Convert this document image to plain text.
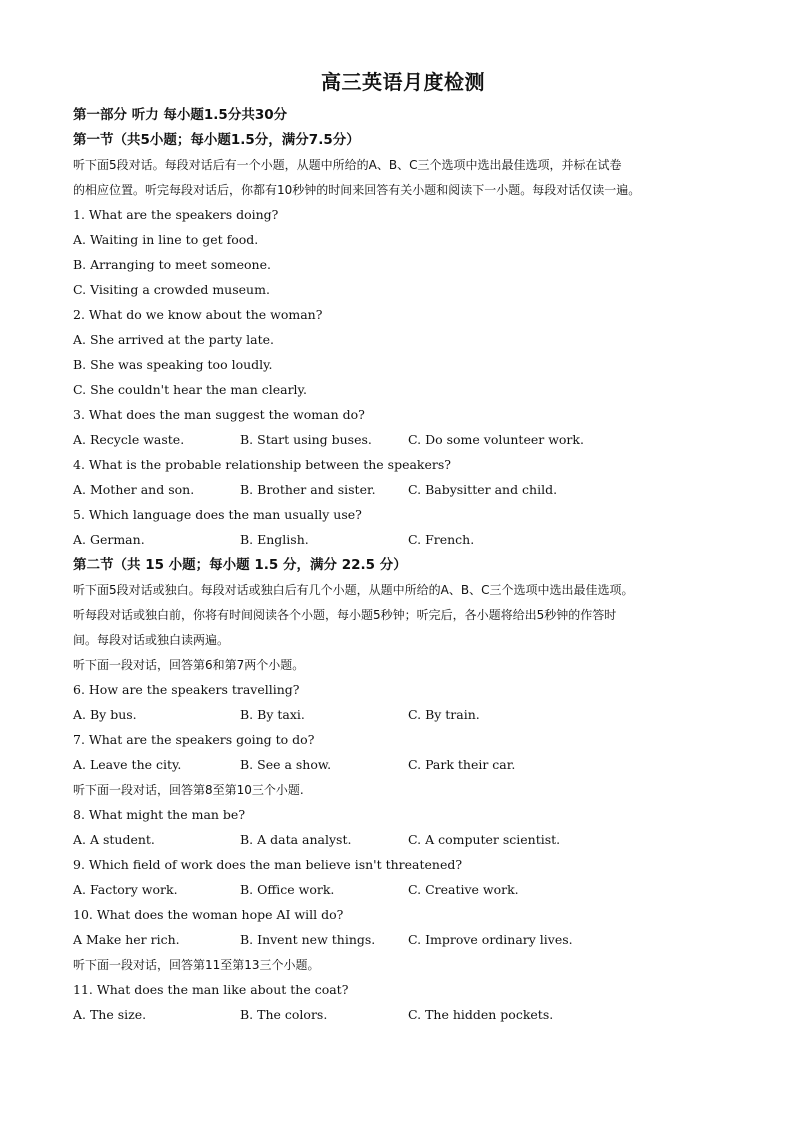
高三英语月度检测
第一部分 听力 每小题1.5分共30分
第一节（共5小题；每小题1.5分，满分7.5分）
听下面5段对话。每段对话后有一个小题，从题中所给的A、B、C三个选项中选出最佳选项，并标在试卷
的相应位置。听完每段对话后，你都有10秒钟的时间来回答有关小题和阅读下一小题。每段对话仅读一遍。
1. What are the speakers doing?
A. Waiting in line to get food.
B. Arranging to meet someone.
C. Visiting a crowded museum.
2. What do we know about the woman?
A. She arrived at the party late.
B. She was speaking too loudly.
C. She couldn't hear the man clearly.
3. What does the man suggest the woman do?
A. Recycle waste.	B. Start using buses.	C. Do some volunteer work.
4. What is the probable relationship between the speakers?
A. Mother and son.	B. Brother and sister.	C. Babysitter and child.
5. Which language does the man usually use?
A. German.	B. English.	C. French.
第二节（共 15 小题；每小题 1.5 分，满分 22.5 分）
听下面5段对话或独白。每段对话或独白后有几个小题，从题中所给的A、B、C三个选项中选出最佳选项。
听每段对话或独白前，你将有时间阅读各个小题，每小题5秒钟；听完后，各小题将给出5秒钟的作答时
间。每段对话或独白读两遍。
听下面一段对话，回答第6和第7两个小题。
6. How are the speakers travelling?
A. By bus.	B. By taxi.	C. By train.
7. What are the speakers going to do?
A. Leave the city.	B. See a show.	C. Park their car.
听下面一段对话，回答第8至第10三个小题.
8. What might the man be?
A. A student.	B. A data analyst.	C. A computer scientist.
9. Which field of work does the man believe isn't threatened?
A. Factory work.	B. Office work.	C. Creative work.
10. What does the woman hope AI will do?
A Make her rich.	B. Invent new things.	C. Improve ordinary lives.
听下面一段对话，回答第11至第13三个小题。
11. What does the man like about the coat?
A. The size.	B. The colors.	C. The hidden pockets.
